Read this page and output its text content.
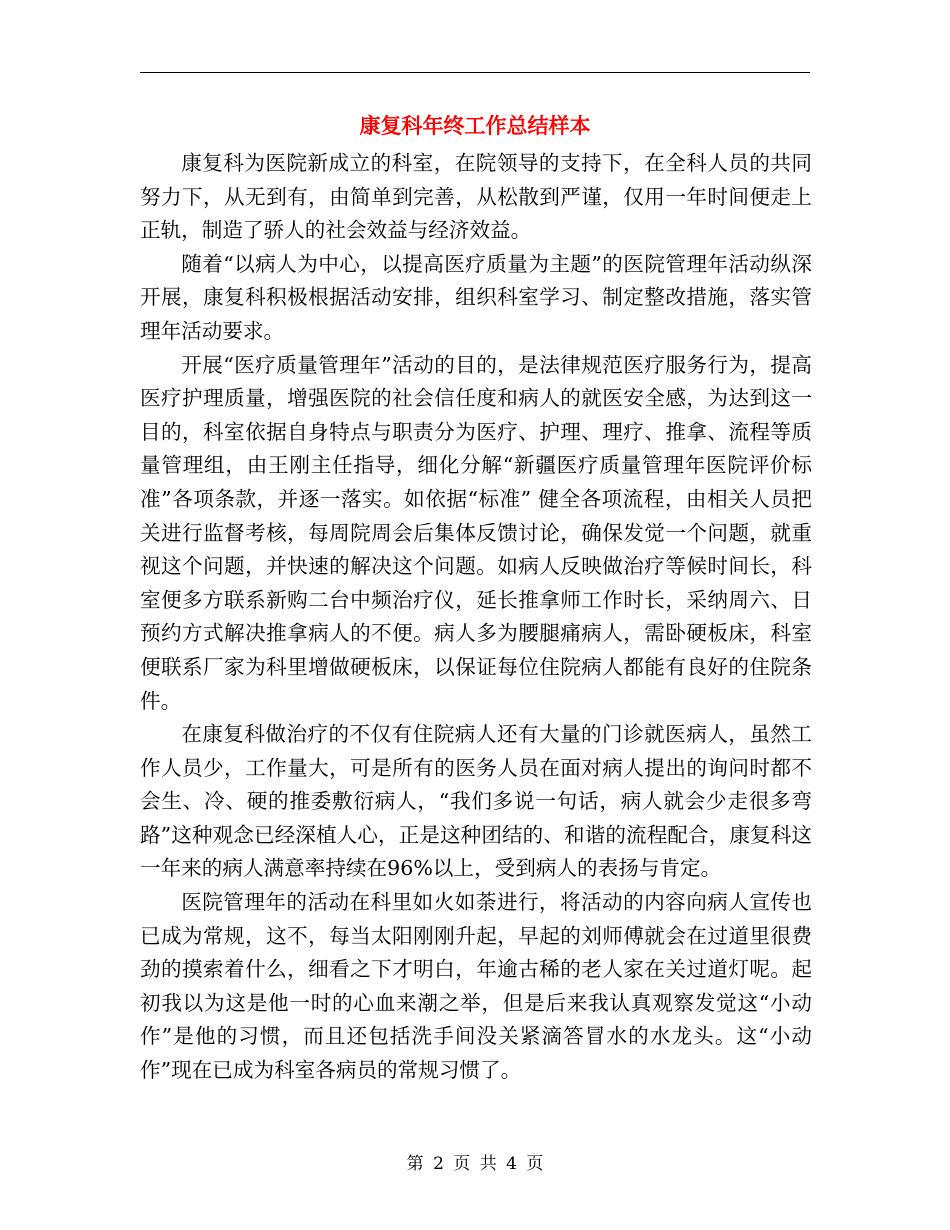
康复科年终工作总结样本

康复科为医院新成立的科室，在院领导的支持下，在全科人员的共同努力下，从无到有，由简单到完善，从松散到严谨，仅用一年时间便走上正轨，制造了骄人的社会效益与经济效益。

随着“以病人为中心，以提高医疗质量为主题”的医院管理年活动纵深开展，康复科积极根据活动安排，组织科室学习、制定整改措施，落实管理年活动要求。

开展“医疗质量管理年”活动的目的，是法律规范医疗服务行为，提高医疗护理质量，增强医院的社会信任度和病人的就医安全感，为达到这一目的，科室依据自身特点与职责分为医疗、护理、理疗、推拿、流程等质量管理组，由王刚主任指导，细化分解“新疆医疗质量管理年医院评价标准”各项条款，并逐一落实。如依据“标准” 健全各项流程，由相关人员把关进行监督考核，每周院周会后集体反馈讨论，确保发觉一个问题，就重视这个问题，并快速的解决这个问题。如病人反映做治疗等候时间长，科室便多方联系新购二台中频治疗仪，延长推拿师工作时长，采纳周六、日预约方式解决推拿病人的不便。病人多为腰腿痛病人，需卧硬板床，科室便联系厂家为科里增做硬板床，以保证每位住院病人都能有良好的住院条件。

在康复科做治疗的不仅有住院病人还有大量的门诊就医病人，虽然工作人员少，工作量大，可是所有的医务人员在面对病人提出的询问时都不会生、冷、硬的推委敷衍病人，“我们多说一句话，病人就会少走很多弯路”这种观念已经深植人心，正是这种团结的、和谐的流程配合，康复科这一年来的病人满意率持续在96%以上，受到病人的表扬与肯定。

医院管理年的活动在科里如火如荼进行，将活动的内容向病人宣传也已成为常规，这不，每当太阳刚刚升起，早起的刘师傅就会在过道里很费劲的摸索着什么，细看之下才明白，年逾古稀的老人家在关过道灯呢。起初我以为这是他一时的心血来潮之举，但是后来我认真观察发觉这“小动作”是他的习惯，而且还包括洗手间没关紧滴答冒水的水龙头。这“小动作”现在已成为科室各病员的常规习惯了。

第 2 页 共 4 页
